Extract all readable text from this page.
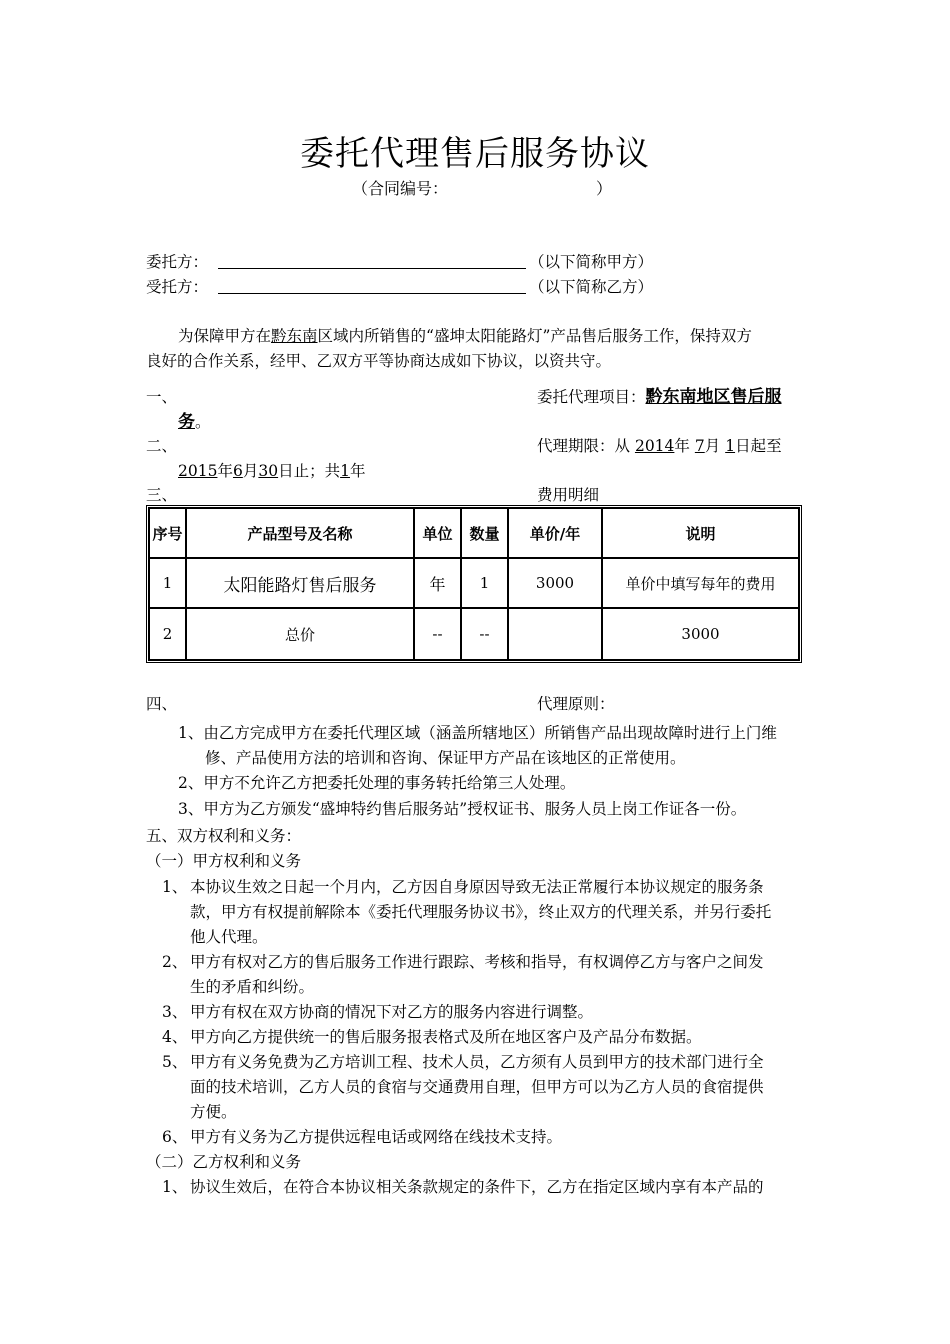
委托代理售后服务协议
（合同编号：	）
委托方：	（以下简称甲方）
受托方：	（以下简称乙方）
为保障甲方在黔东南区域内所销售的“盛坤太阳能路灯”产品售后服务工作，保持双方
良好的合作关系，经甲、乙双方平等协商达成如下协议，以资共守。
一、	委托代理项目：黔东南地区售后服
务。
二、	代理期限：从 2014年 7月 1日起至
2015年6月30日止；共1年
三、	费用明细
序号	产品型号及名称	单位	数量	单价/年	说明
1	太阳能路灯售后服务	年	1	3000	单价中填写每年的费用
2	总价	--	--		3000
四、	代理原则：
1、由乙方完成甲方在委托代理区域（涵盖所辖地区）所销售产品出现故障时进行上门维
修、产品使用方法的培训和咨询、保证甲方产品在该地区的正常使用。
2、甲方不允许乙方把委托处理的事务转托给第三人处理。
3、甲方为乙方颁发“盛坤特约售后服务站”授权证书、服务人员上岗工作证各一份。
五、双方权利和义务：
（一）甲方权利和义务
1、 本协议生效之日起一个月内，乙方因自身原因导致无法正常履行本协议规定的服务条
款，甲方有权提前解除本《委托代理服务协议书》，终止双方的代理关系，并另行委托
他人代理。
2、 甲方有权对乙方的售后服务工作进行跟踪、考核和指导，有权调停乙方与客户之间发
生的矛盾和纠纷。
3、 甲方有权在双方协商的情况下对乙方的服务内容进行调整。
4、 甲方向乙方提供统一的售后服务报表格式及所在地区客户及产品分布数据。
5、 甲方有义务免费为乙方培训工程、技术人员，乙方须有人员到甲方的技术部门进行全
面的技术培训，乙方人员的食宿与交通费用自理，但甲方可以为乙方人员的食宿提供
方便。
6、 甲方有义务为乙方提供远程电话或网络在线技术支持。
（二）乙方权利和义务
1、 协议生效后，在符合本协议相关条款规定的条件下，乙方在指定区域内享有本产品的
